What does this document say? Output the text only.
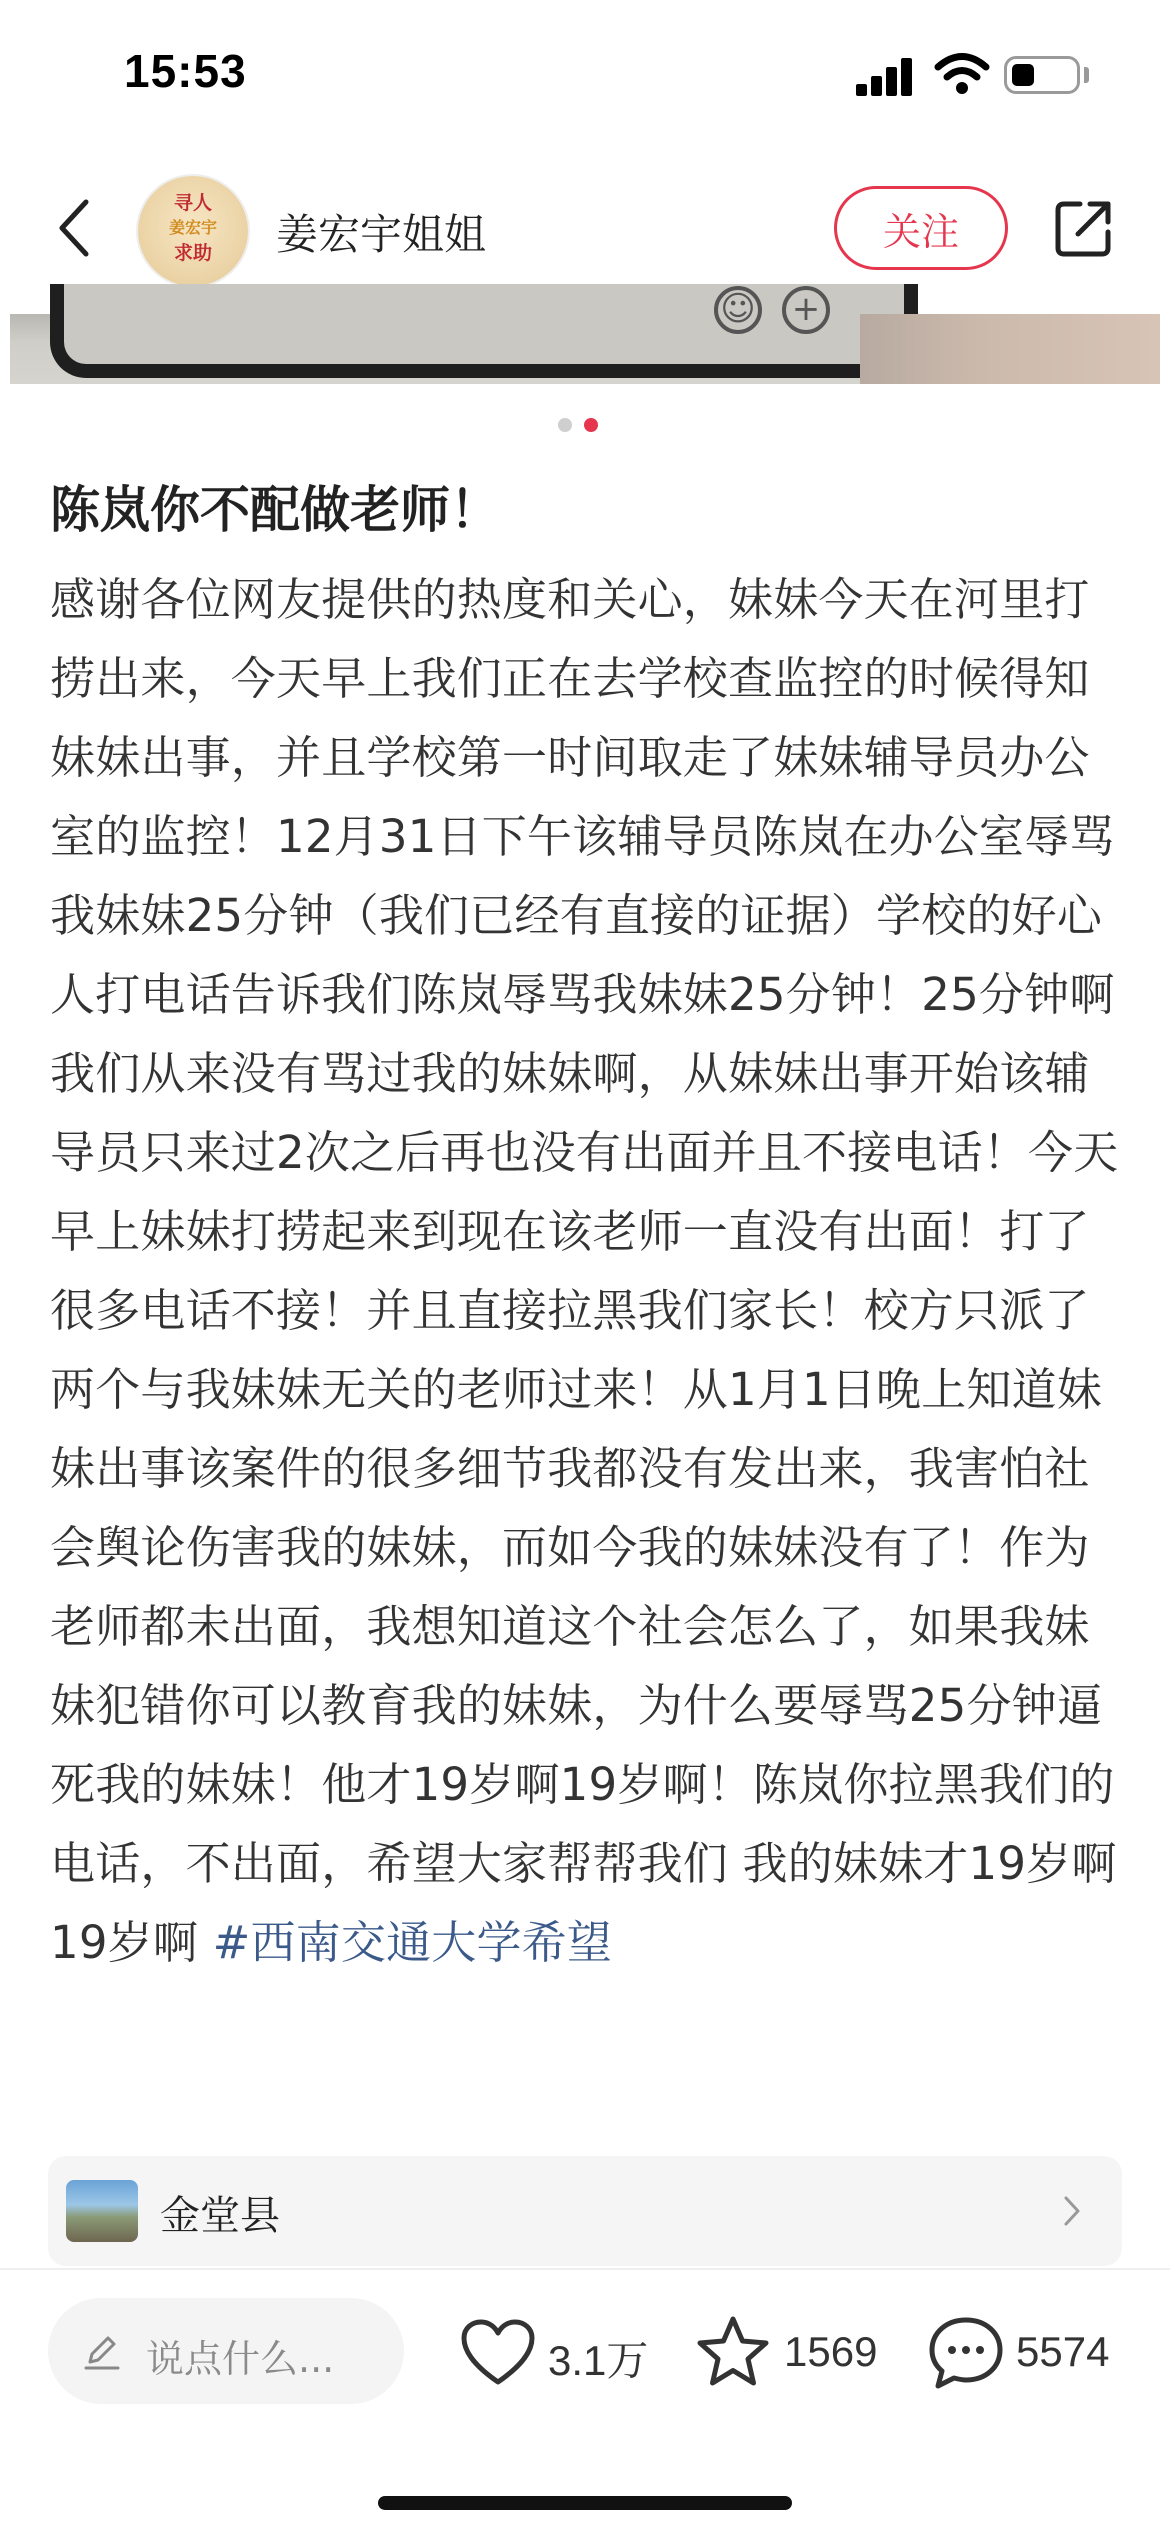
15:53
寻人
姜宏宇
求助	姜宏宇姐姐	关注
☺ +
陈岚你不配做老师！
感谢各位网友提供的热度和关心，妹妹今天在河里打捞出来，今天早上我们正在去学校查监控的时候得知妹妹出事，并且学校第一时间取走了妹妹辅导员办公室的监控！12月31日下午该辅导员陈岚在办公室辱骂我妹妹25分钟（我们已经有直接的证据）学校的好心人打电话告诉我们陈岚辱骂我妹妹25分钟！25分钟啊 我们从来没有骂过我的妹妹啊，从妹妹出事开始该辅导员只来过2次之后再也没有出面并且不接电话！今天早上妹妹打捞起来到现在该老师一直没有出面！打了很多电话不接！并且直接拉黑我们家长！校方只派了两个与我妹妹无关的老师过来！从1月1日晚上知道妹妹出事该案件的很多细节我都没有发出来，我害怕社会舆论伤害我的妹妹，而如今我的妹妹没有了！作为老师都未出面，我想知道这个社会怎么了，如果我妹妹犯错你可以教育我的妹妹，为什么要辱骂25分钟逼死我的妹妹！他才19岁啊19岁啊！陈岚你拉黑我们的电话，不出面，希望大家帮帮我们 我的妹妹才19岁啊 19岁啊 #西南交通大学希望
金堂县
说点什么...	3.1万	1569	5574
